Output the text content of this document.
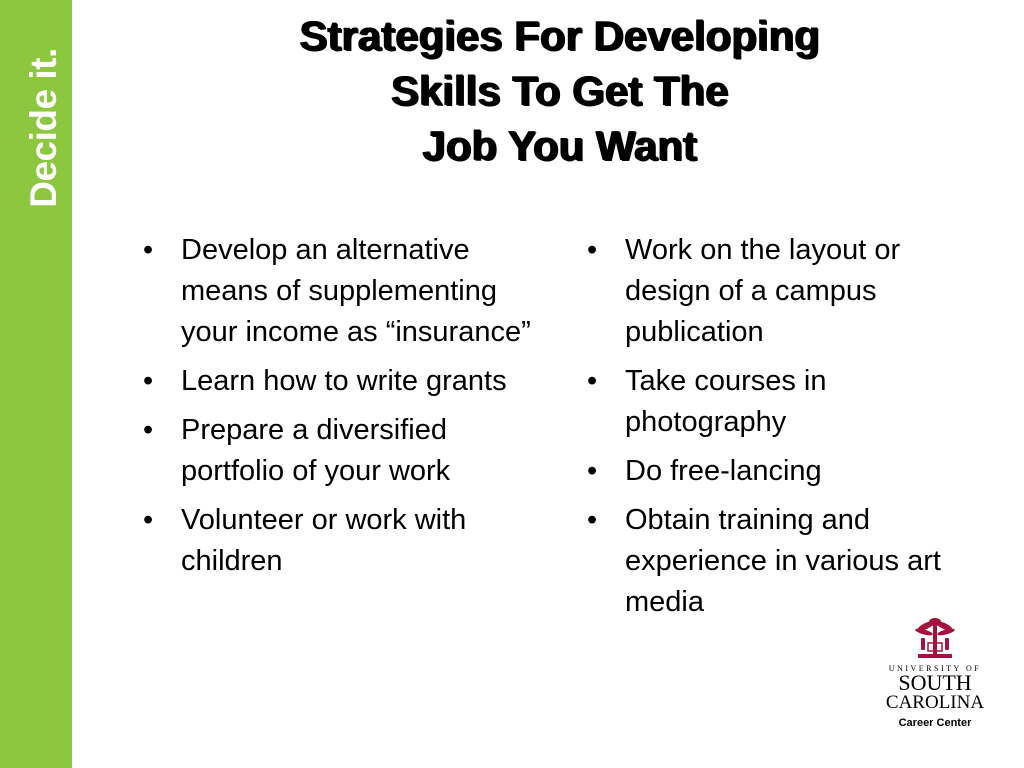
Decide it.
Strategies For Developing
Skills To Get The
Job You Want
• Develop an alternative means of supplementing your income as “insurance”
• Learn how to write grants
• Prepare a diversified portfolio of your work
• Volunteer or work with children
• Work on the layout or design of a campus publication
• Take courses in photography
• Do free-lancing
• Obtain training and experience in various art media
UNIVERSITY OF
SOUTH
CAROLINA
Career Center
